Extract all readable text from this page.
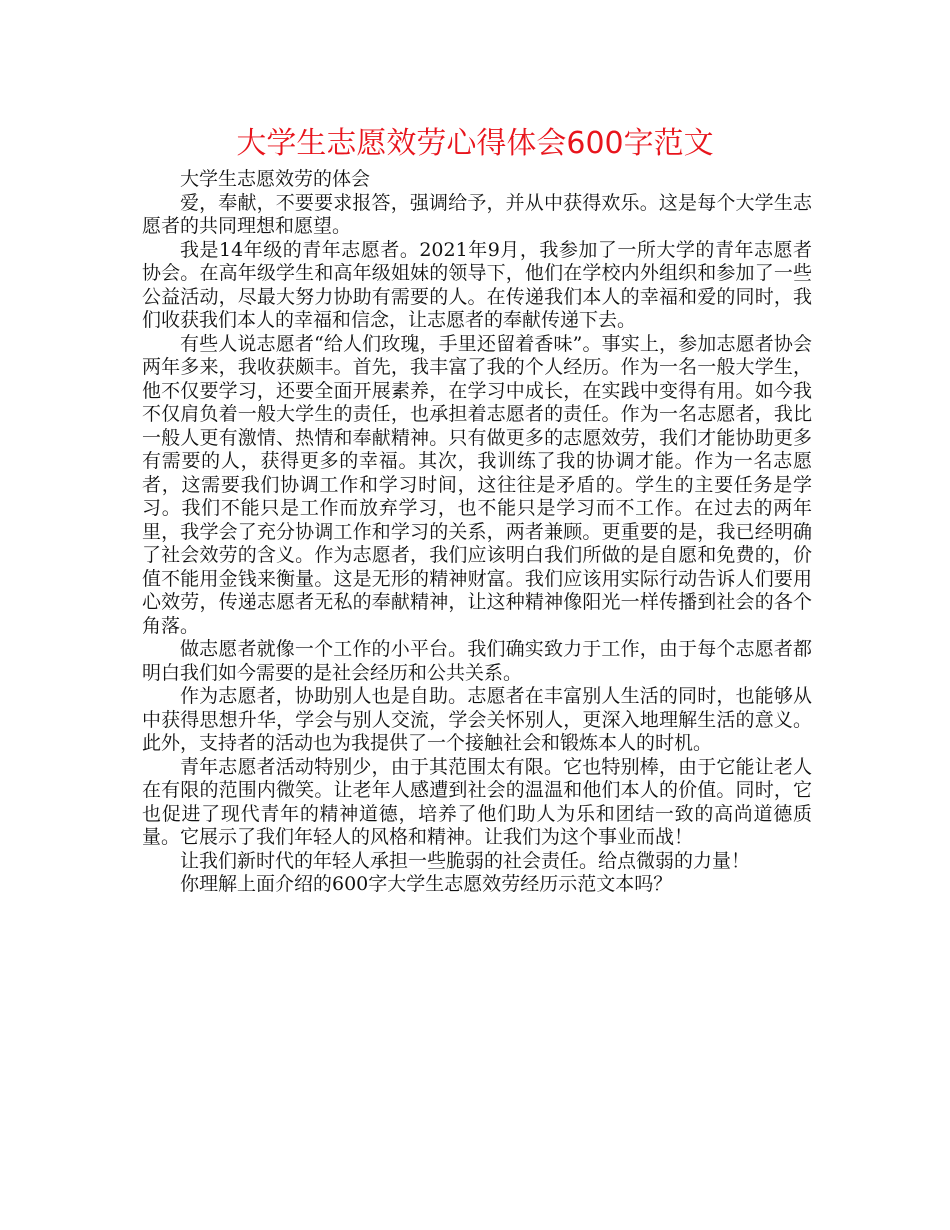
大学生志愿效劳心得体会600字范文

大学生志愿效劳的体会

爱，奉献，不要要求报答，强调给予，并从中获得欢乐。这是每个大学生志愿者的共同理想和愿望。

我是14年级的青年志愿者。2021年9月，我参加了一所大学的青年志愿者协会。在高年级学生和高年级姐妹的领导下，他们在学校内外组织和参加了一些公益活动，尽最大努力协助有需要的人。在传递我们本人的幸福和爱的同时，我们收获我们本人的幸福和信念，让志愿者的奉献传递下去。

有些人说志愿者“给人们玫瑰，手里还留着香味”。事实上，参加志愿者协会两年多来，我收获颇丰。首先，我丰富了我的个人经历。作为一名一般大学生，他不仅要学习，还要全面开展素养，在学习中成长，在实践中变得有用。如今我不仅肩负着一般大学生的责任，也承担着志愿者的责任。作为一名志愿者，我比一般人更有激情、热情和奉献精神。只有做更多的志愿效劳，我们才能协助更多有需要的人，获得更多的幸福。其次，我训练了我的协调才能。作为一名志愿者，这需要我们协调工作和学习时间，这往往是矛盾的。学生的主要任务是学习。我们不能只是工作而放弃学习，也不能只是学习而不工作。在过去的两年里，我学会了充分协调工作和学习的关系，两者兼顾。更重要的是，我已经明确了社会效劳的含义。作为志愿者，我们应该明白我们所做的是自愿和免费的，价值不能用金钱来衡量。这是无形的精神财富。我们应该用实际行动告诉人们要用心效劳，传递志愿者无私的奉献精神，让这种精神像阳光一样传播到社会的各个角落。

做志愿者就像一个工作的小平台。我们确实致力于工作，由于每个志愿者都明白我们如今需要的是社会经历和公共关系。

作为志愿者，协助别人也是自助。志愿者在丰富别人生活的同时，也能够从中获得思想升华，学会与别人交流，学会关怀别人，更深入地理解生活的意义。此外，支持者的活动也为我提供了一个接触社会和锻炼本人的时机。

青年志愿者活动特别少，由于其范围太有限。它也特别棒，由于它能让老人在有限的范围内微笑。让老年人感遭到社会的温温和他们本人的价值。同时，它也促进了现代青年的精神道德，培养了他们助人为乐和团结一致的高尚道德质量。它展示了我们年轻人的风格和精神。让我们为这个事业而战！

让我们新时代的年轻人承担一些脆弱的社会责任。给点微弱的力量！

你理解上面介绍的600字大学生志愿效劳经历示范文本吗？
